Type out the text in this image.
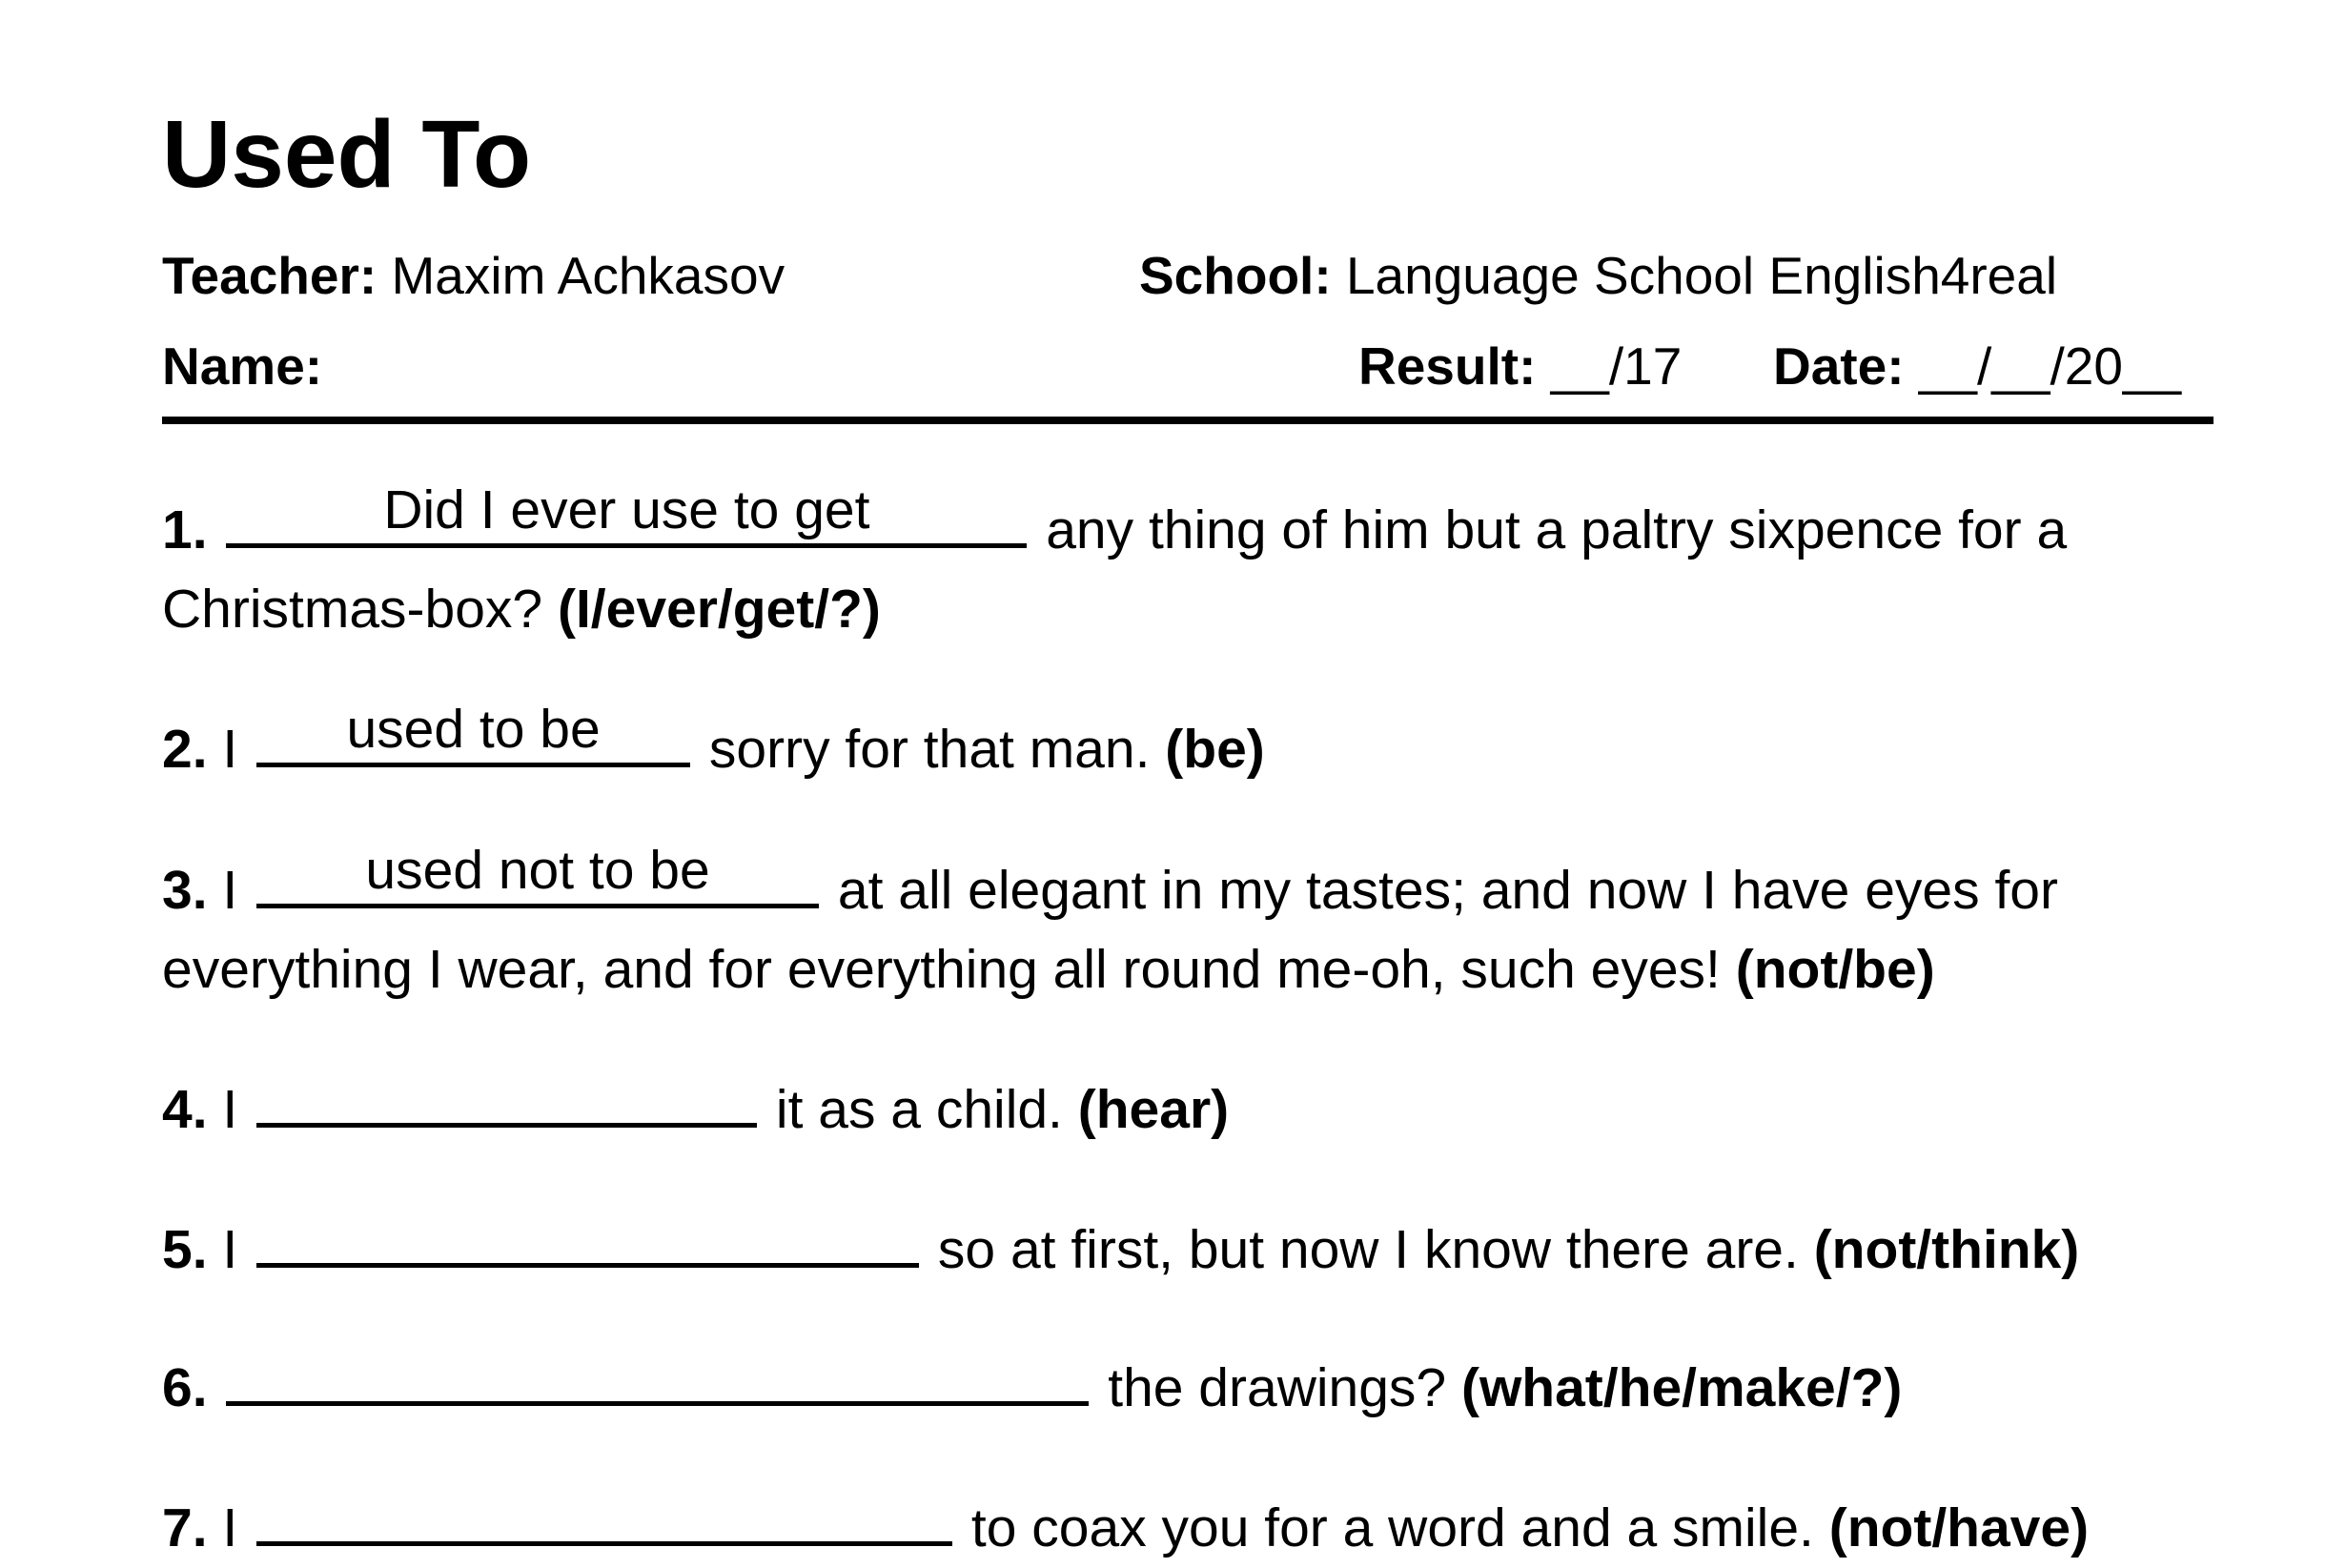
Used To
Teacher: Maxim Achkasov	School: Language School English4real
Name:	Result: __/17 Date: __/__/20__
1.	Did I ever use to get	any thing of him but a paltry sixpence for a Christmas-box? (I/ever/get/?)
2. I	used to be	sorry for that man. (be)
3. I	used not to be	at all elegant in my tastes; and now I have eyes for everything I wear, and for everything all round me-oh, such eyes! (not/be)
4. I	it as a child. (hear)
5. I	so at first, but now I know there are. (not/think)
6.	the drawings? (what/he/make/?)
7. I	to coax you for a word and a smile. (not/have)
